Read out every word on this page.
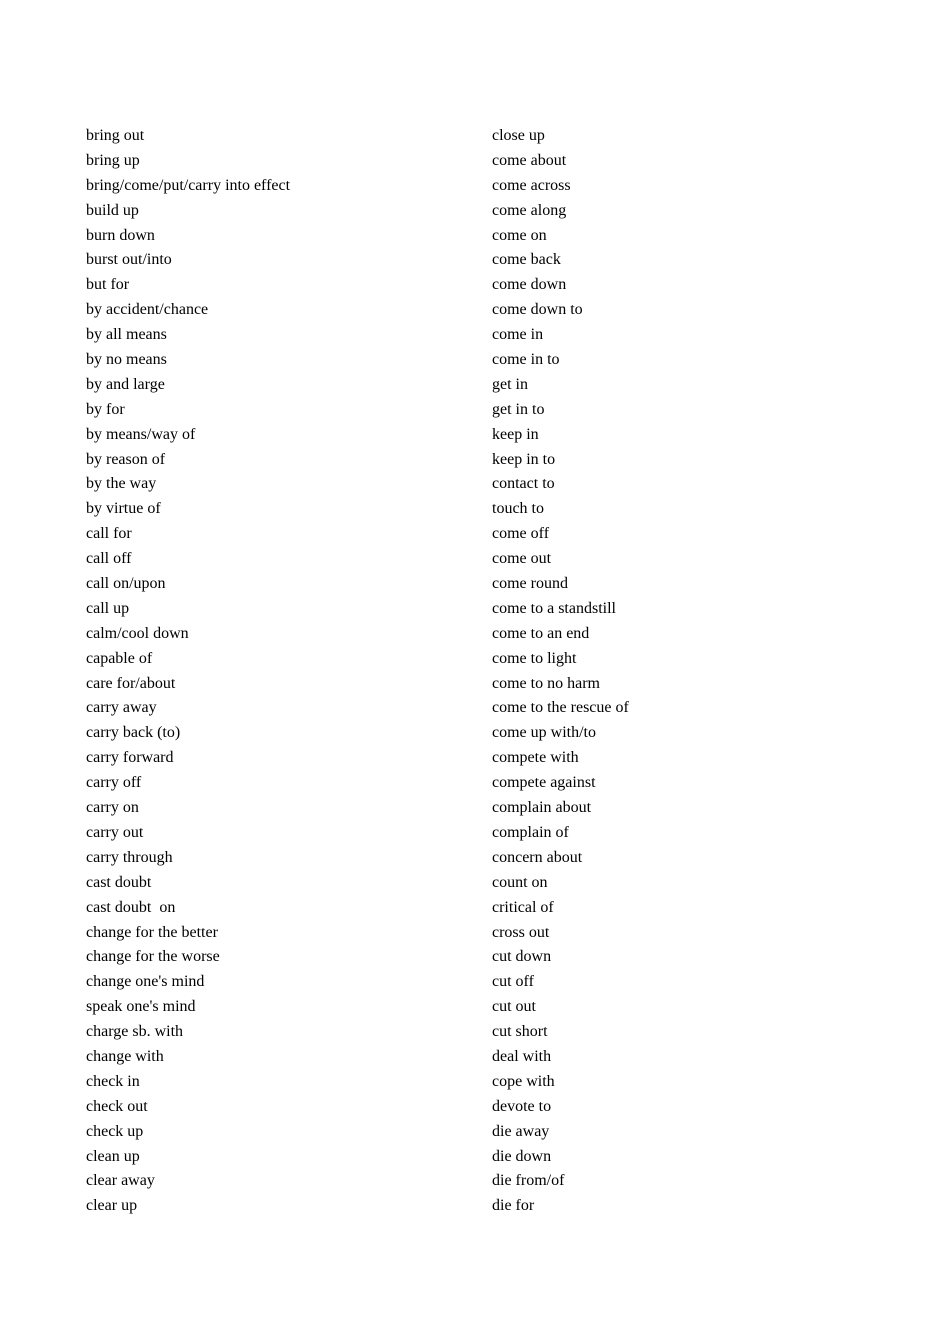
bring out
bring up
bring/come/put/carry into effect
build up
burn down
burst out/into
but for
by accident/chance
by all means
by no means
by and large
by for
by means/way of
by reason of
by the way
by virtue of
call for
call off
call on/upon
call up
calm/cool down
capable of
care for/about
carry away
carry back (to)
carry forward
carry off
carry on
carry out
carry through
cast doubt
cast doubt  on
change for the better
change for the worse
change one's mind
speak one's mind
charge sb. with
change with
check in
check out
check up
clean up
clear away
clear up
close up
come about
come across
come along
come on
come back
come down
come down to
come in
come in to
get in
get in to
keep in
keep in to
contact to
touch to
come off
come out
come round
come to a standstill
come to an end
come to light
come to no harm
come to the rescue of
come up with/to
compete with
compete against
complain about
complain of
concern about
count on
critical of
cross out
cut down
cut off
cut out
cut short
deal with
cope with
devote to
die away
die down
die from/of
die for
